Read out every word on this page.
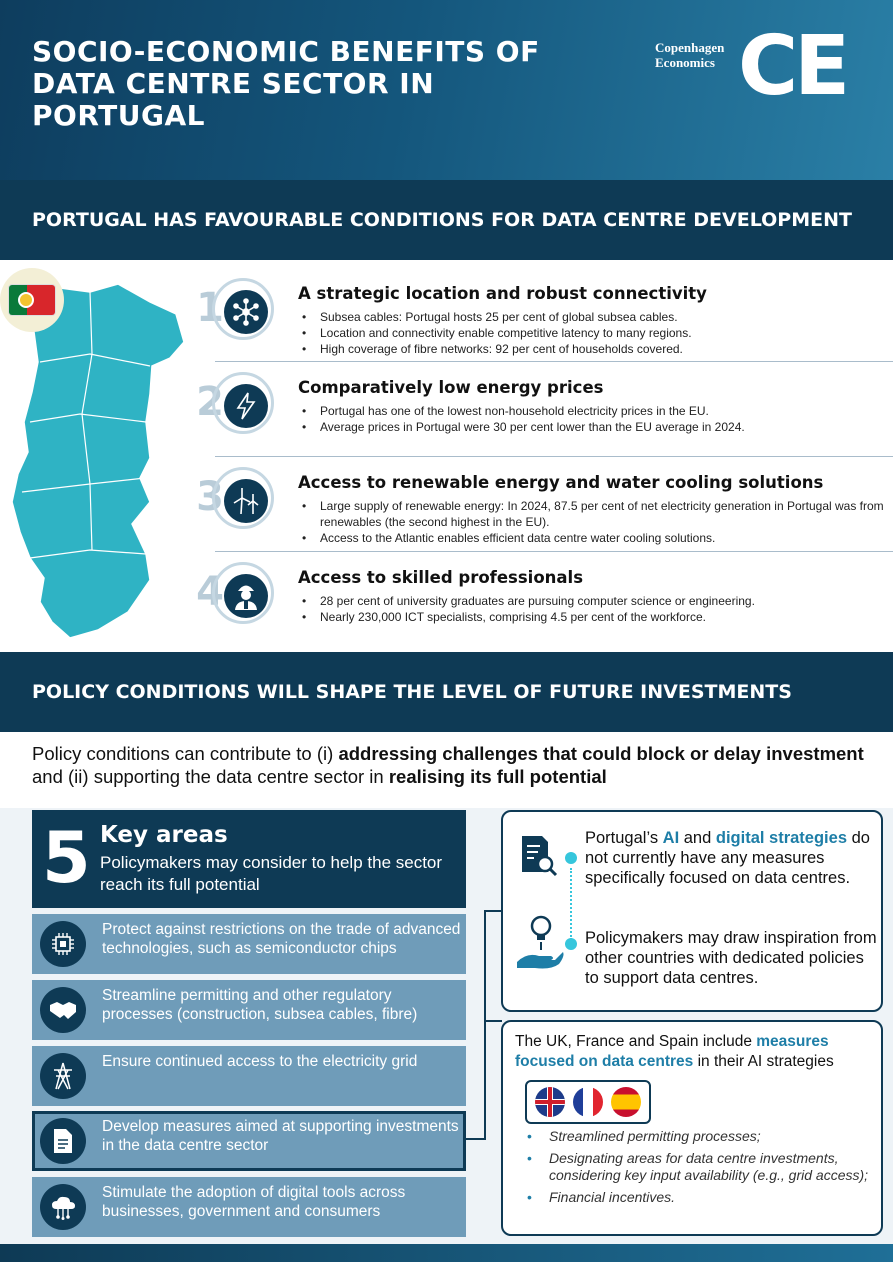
SOCIO-ECONOMIC BENEFITS OF DATA CENTRE SECTOR IN PORTUGAL
Copenhagen
Economics CE
PORTUGAL HAS FAVOURABLE CONDITIONS FOR DATA CENTRE DEVELOPMENT
1	A strategic location and robust connectivity
• Subsea cables: Portugal hosts 25 per cent of global subsea cables.
• Location and connectivity enable competitive latency to many regions.
• High coverage of fibre networks: 92 per cent of households covered.
2	Comparatively low energy prices
• Portugal has one of the lowest non-household electricity prices in the EU.
• Average prices in Portugal were 30 per cent lower than the EU average in 2024.
3	Access to renewable energy and water cooling solutions
• Large supply of renewable energy: In 2024, 87.5 per cent of net electricity generation in Portugal was from renewables (the second highest in the EU).
• Access to the Atlantic enables efficient data centre water cooling solutions.
4	Access to skilled professionals
• 28 per cent of university graduates are pursuing computer science or engineering.
• Nearly 230,000 ICT specialists, comprising 4.5 per cent of the workforce.
POLICY CONDITIONS WILL SHAPE THE LEVEL OF FUTURE INVESTMENTS
Policy conditions can contribute to (i) addressing challenges that could block or delay investment and (ii) supporting the data centre sector in realising its full potential
5 Key areas
Policymakers may consider to help the sector reach its full potential
Protect against restrictions on the trade of advanced technologies, such as semiconductor chips
Streamline permitting and other regulatory processes (construction, subsea cables, fibre)
Ensure continued access to the electricity grid
Develop measures aimed at supporting investments in the data centre sector
Stimulate the adoption of digital tools across businesses, government and consumers
Portugal’s AI and digital strategies do not currently have any measures specifically focused on data centres.
Policymakers may draw inspiration from other countries with dedicated policies to support data centres.
The UK, France and Spain include measures focused on data centres in their AI strategies
• Streamlined permitting processes;
• Designating areas for data centre investments, considering key input availability (e.g., grid access);
• Financial incentives.
